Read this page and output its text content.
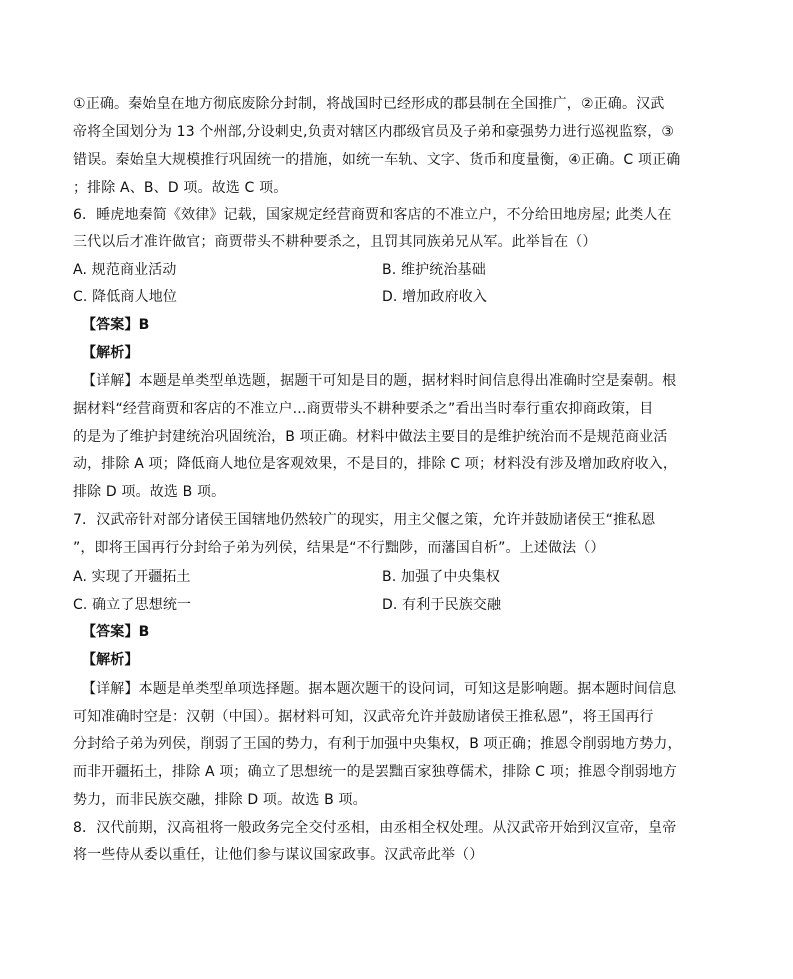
①正确。秦始皇在地方彻底废除分封制，将战国时已经形成的郡县制在全国推广，②正确。汉武
帝将全国划分为 13 个州部,分设刺史,负责对辖区内郡级官员及子弟和豪强势力进行巡视监察，③
错误。秦始皇大规模推行巩固统一的措施，如统一车轨、文字、货币和度量衡，④正确。C 项正确
；排除 A、B、D 项。故选 C 项。
6．睡虎地秦简《效律》记载，国家规定经营商贾和客店的不准立户，不分给田地房屋; 此类人在
三代以后才准许做官；商贾带头不耕种要杀之，且罚其同族弟兄从军。此举旨在（）
A. 规范商业活动	B. 维护统治基础
C. 降低商人地位	D. 增加政府收入
【答案】B
【解析】
【详解】本题是单类型单选题，据题干可知是目的题，据材料时间信息得出准确时空是秦朝。根
据材料“经营商贾和客店的不准立户...商贾带头不耕种要杀之”看出当时奉行重农抑商政策，目
的是为了维护封建统治巩固统治，B 项正确。材料中做法主要目的是维护统治而不是规范商业活
动，排除 A 项；降低商人地位是客观效果，不是目的，排除 C 项；材料没有涉及增加政府收入，
排除 D 项。故选 B 项。
7．汉武帝针对部分诸侯王国辖地仍然较广的现实，用主父偃之策，允许并鼓励诸侯王“推私恩
”，即将王国再行分封给子弟为列侯，结果是“不行黜陟，而藩国自析”。上述做法（）
A. 实现了开疆拓土	B. 加强了中央集权
C. 确立了思想统一	D. 有利于民族交融
【答案】B
【解析】
【详解】本题是单类型单项选择题。据本题次题干的设问词，可知这是影响题。据本题时间信息
可知准确时空是：汉朝（中国）。据材料可知，汉武帝允许并鼓励诸侯王推私恩”，将王国再行
分封给子弟为列侯，削弱了王国的势力，有利于加强中央集权，B 项正确；推恩令削弱地方势力，
而非开疆拓土，排除 A 项；确立了思想统一的是罢黜百家独尊儒术，排除 C 项；推恩令削弱地方
势力，而非民族交融，排除 D 项。故选 B 项。
8．汉代前期，汉高祖将一般政务完全交付丞相，由丞相全权处理。从汉武帝开始到汉宣帝，皇帝
将一些侍从委以重任，让他们参与谋议国家政事。汉武帝此举（）
